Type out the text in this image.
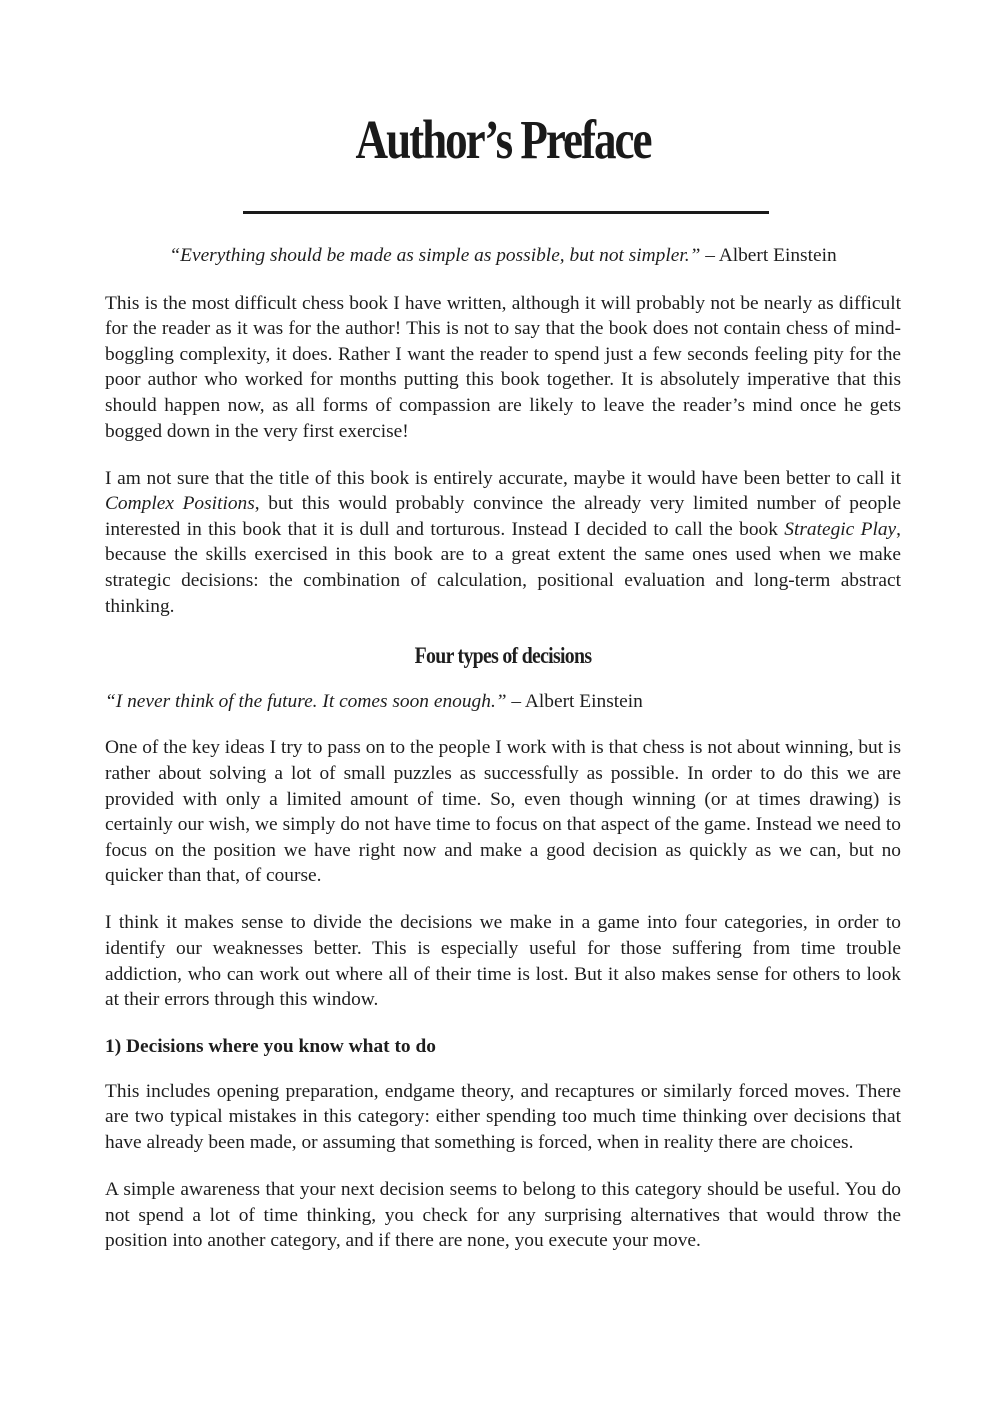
Author’s Preface
“Everything should be made as simple as possible, but not simpler.” – Albert Einstein

This is the most difficult chess book I have written, although it will probably not be nearly as difficult for the reader as it was for the author! This is not to say that the book does not contain chess of mind-boggling complexity, it does. Rather I want the reader to spend just a few seconds feeling pity for the poor author who worked for months putting this book together. It is absolutely imperative that this should happen now, as all forms of compassion are likely to leave the reader’s mind once he gets bogged down in the very first exercise!

I am not sure that the title of this book is entirely accurate, maybe it would have been better to call it Complex Positions, but this would probably convince the already very limited number of people interested in this book that it is dull and torturous. Instead I decided to call the book Strategic Play, because the skills exercised in this book are to a great extent the same ones used when we make strategic decisions: the combination of calculation, positional evaluation and long-term abstract thinking.

Four types of decisions
“I never think of the future. It comes soon enough.” – Albert Einstein

One of the key ideas I try to pass on to the people I work with is that chess is not about winning, but is rather about solving a lot of small puzzles as successfully as possible. In order to do this we are provided with only a limited amount of time. So, even though winning (or at times drawing) is certainly our wish, we simply do not have time to focus on that aspect of the game. Instead we need to focus on the position we have right now and make a good decision as quickly as we can, but no quicker than that, of course.

I think it makes sense to divide the decisions we make in a game into four categories, in order to identify our weaknesses better. This is especially useful for those suffering from time trouble addiction, who can work out where all of their time is lost. But it also makes sense for others to look at their errors through this window.

1) Decisions where you know what to do

This includes opening preparation, endgame theory, and recaptures or similarly forced moves. There are two typical mistakes in this category: either spending too much time thinking over decisions that have already been made, or assuming that something is forced, when in reality there are choices.

A simple awareness that your next decision seems to belong to this category should be useful. You do not spend a lot of time thinking, you check for any surprising alternatives that would throw the position into another category, and if there are none, you execute your move.
